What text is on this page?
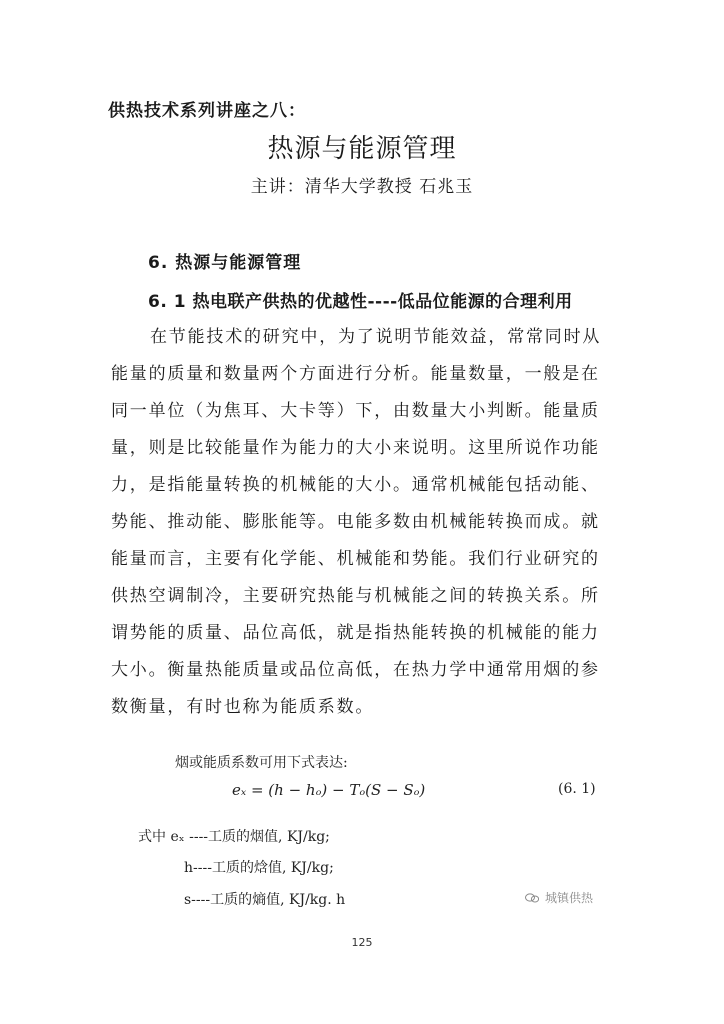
供热技术系列讲座之八：
热源与能源管理
主讲：清华大学教授 石兆玉
6. 热源与能源管理
6. 1 热电联产供热的优越性----低品位能源的合理利用
在节能技术的研究中，为了说明节能效益，常常同时从
能量的质量和数量两个方面进行分析。能量数量，一般是在
同一单位（为焦耳、大卡等）下，由数量大小判断。能量质
量，则是比较能量作为能力的大小来说明。这里所说作功能
力，是指能量转换的机械能的大小。通常机械能包括动能、
势能、推动能、膨胀能等。电能多数由机械能转换而成。就
能量而言，主要有化学能、机械能和势能。我们行业研究的
供热空调制冷，主要研究热能与机械能之间的转换关系。所
谓势能的质量、品位高低，就是指热能转换的机械能的能力
大小。衡量热能质量或品位高低，在热力学中通常用烟的参
数衡量，有时也称为能质系数。
烟或能质系数可用下式表达:
eₓ = (h − hₒ) − Tₒ(S − Sₒ)	(6. 1)
式中 eₓ ----工质的烟值, KJ/kg;
h----工质的焓值, KJ/kg;
s----工质的熵值, KJ/kg. h	城镇供热
125
